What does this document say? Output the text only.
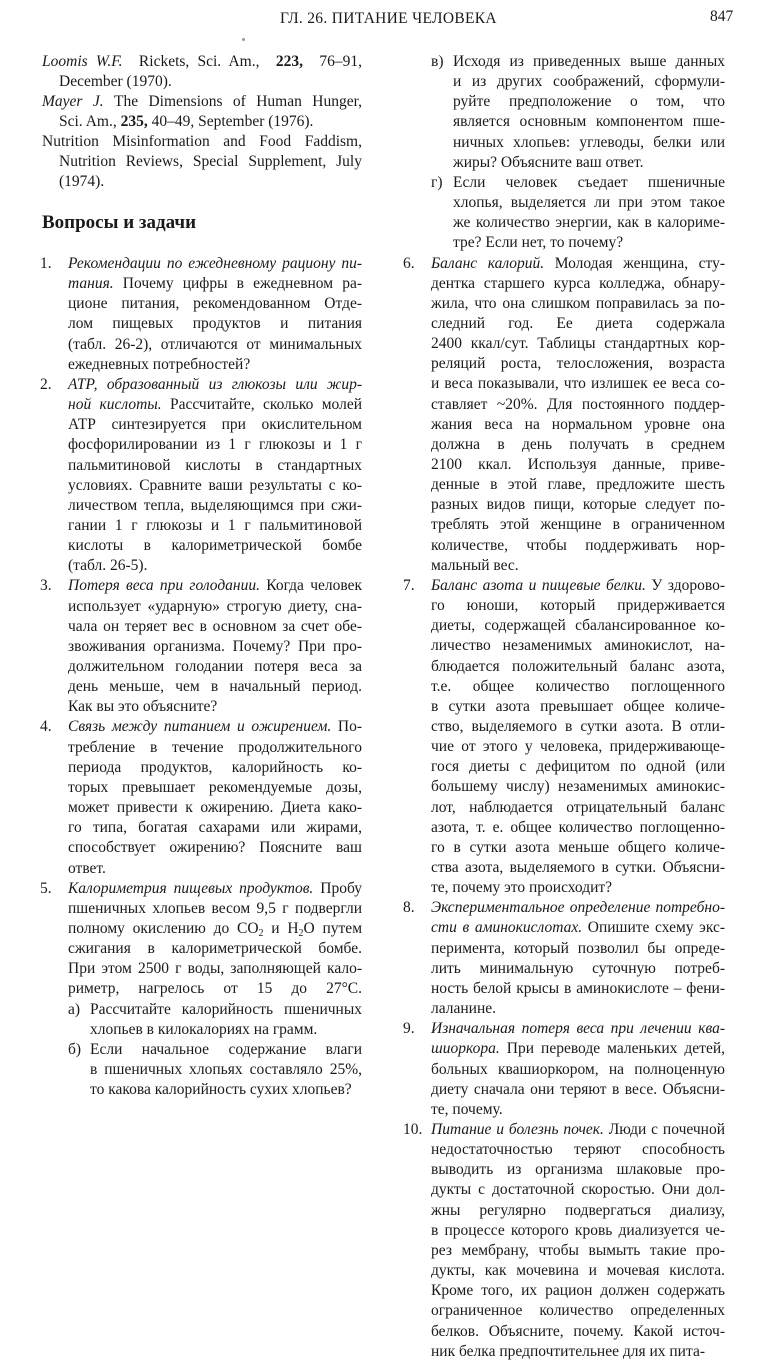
ГЛ. 26. ПИТАНИЕ ЧЕЛОВЕКА	847
Loomis W.F. Rickets, Sci. Am., 223, 76–91,
December (1970).
Mayer J. The Dimensions of Human Hunger,
Sci. Am., 235, 40–49, September (1976).
Nutrition Misinformation and Food Faddism,
Nutrition Reviews, Special Supplement, July
(1974).
Вопросы и задачи
1.	Рекомендации по ежедневному рациону пи-
тания. Почему цифры в ежедневном ра-
ционе питания, рекомендованном Отде-
лом пищевых продуктов и питания
(табл. 26-2), отличаются от минимальных
ежедневных потребностей?
2.	АТР, образованный из глюкозы или жир-
ной кислоты. Рассчитайте, сколько молей
АТР синтезируется при окислительном
фосфорилировании из 1 г глюкозы и 1 г
пальмитиновой кислоты в стандартных
условиях. Сравните ваши результаты с ко-
личеством тепла, выделяющимся при сжи-
гании 1 г глюкозы и 1 г пальмитиновой
кислоты в калориметрической бомбе
(табл. 26-5).
3.	Потеря веса при голодании. Когда человек
использует «ударную» строгую диету, сна-
чала он теряет вес в основном за счет обе-
звоживания организма. Почему? При про-
должительном голодании потеря веса за
день меньше, чем в начальный период.
Как вы это объясните?
4.	Связь между питанием и ожирением. По-
требление в течение продолжительного
периода продуктов, калорийность ко-
торых превышает рекомендуемые дозы,
может привести к ожирению. Диета како-
го типа, богатая сахарами или жирами,
способствует ожирению? Поясните ваш
ответ.
5.	Калориметрия пищевых продуктов. Пробу
пшеничных хлопьев весом 9,5 г подвергли
полному окислению до $CO_2$ и $H_2O$ путем
сжигания в калориметрической бомбе.
При этом 2500 г воды, заполняющей кало-
риметр, нагрелось от 15 до 27°С.
а) Рассчитайте калорийность пшеничных
хлопьев в килокалориях на грамм.
б) Если начальное содержание влаги
в пшеничных хлопьях составляло 25%,
то какова калорийность сухих хлопьев?
в) Исходя из приведенных выше данных
и из других соображений, сформули-
руйте предположение о том, что
является основным компонентом пше-
ничных хлопьев: углеводы, белки или
жиры? Объясните ваш ответ.
г) Если человек съедает пшеничные
хлопья, выделяется ли при этом такое
же количество энергии, как в калориме-
тре? Если нет, то почему?
6.	Баланс калорий. Молодая женщина, сту-
дентка старшего курса колледжа, обнару-
жила, что она слишком поправилась за по-
следний год. Ее диета содержала
2400 ккал/сут. Таблицы стандартных кор-
реляций роста, телосложения, возраста
и веса показывали, что излишек ее веса со-
ставляет ~20%. Для постоянного поддер-
жания веса на нормальном уровне она
должна в день получать в среднем
2100 ккал. Используя данные, приве-
денные в этой главе, предложите шесть
разных видов пищи, которые следует по-
треблять этой женщине в ограниченном
количестве, чтобы поддерживать нор-
мальный вес.
7.	Баланс азота и пищевые белки. У здорово-
го юноши, который придерживается
диеты, содержащей сбалансированное ко-
личество незаменимых аминокислот, на-
блюдается положительный баланс азота,
т.е. общее количество поглощенного
в сутки азота превышает общее количе-
ство, выделяемого в сутки азота. В отли-
чие от этого у человека, придерживающе-
гося диеты с дефицитом по одной (или
большему числу) незаменимых аминокис-
лот, наблюдается отрицательный баланс
азота, т. е. общее количество поглощенно-
го в сутки азота меньше общего количе-
ства азота, выделяемого в сутки. Объясни-
те, почему это происходит?
8.	Экспериментальное определение потребно-
сти в аминокислотах. Опишите схему экс-
перимента, который позволил бы опреде-
лить минимальную суточную потреб-
ность белой крысы в аминокислоте – фени-
лаланине.
9.	Изначальная потеря веса при лечении ква-
шиоркора. При переводе маленьких детей,
больных квашиоркором, на полноценную
диету сначала они теряют в весе. Объясни-
те, почему.
10. Питание и болезнь почек. Люди с почечной
недостаточностью теряют способность
выводить из организма шлаковые про-
дукты с достаточной скоростью. Они дол-
жны регулярно подвергаться диализу,
в процессе которого кровь диализуется че-
рез мембрану, чтобы вымыть такие про-
дукты, как мочевина и мочевая кислота.
Кроме того, их рацион должен содержать
ограниченное количество определенных
белков. Объясните, почему. Какой источ-
ник белка предпочтительнее для их пита-
